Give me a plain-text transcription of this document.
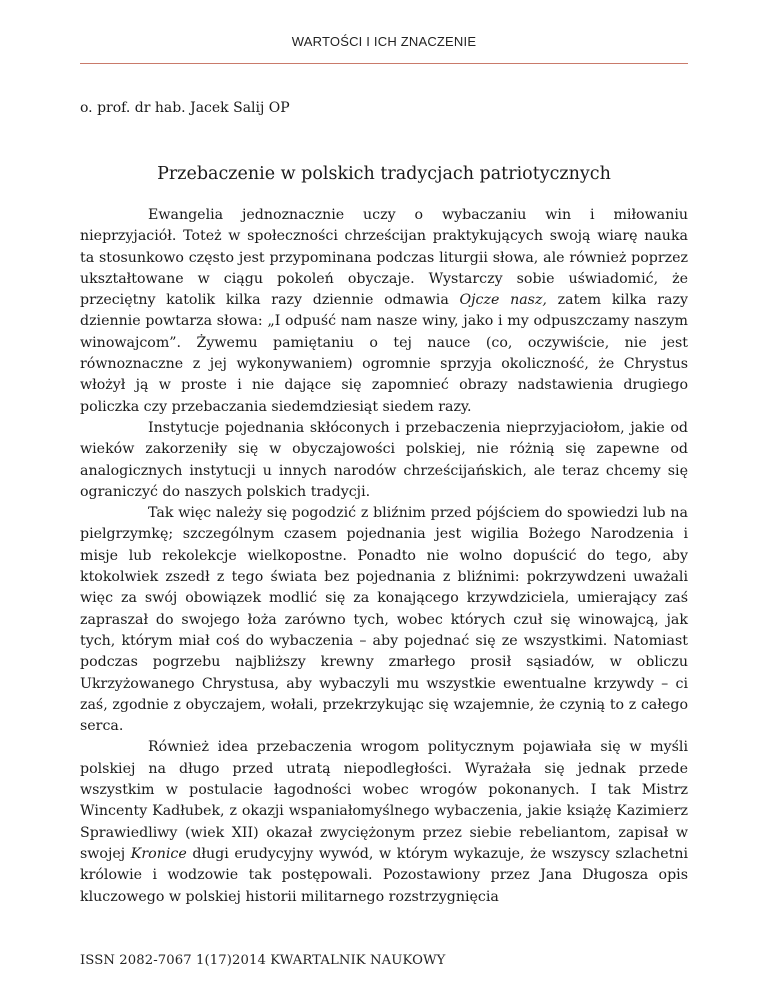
WARTOŚCI I ICH ZNACZENIE
o. prof. dr hab. Jacek Salij OP
Przebaczenie w polskich tradycjach patriotycznych

Ewangelia jednoznacznie uczy o wybaczaniu win i miłowaniu nieprzyjaciół. Toteż w społeczności chrześcijan praktykujących swoją wiarę nauka ta stosunkowo często jest przypominana podczas liturgii słowa, ale również poprzez ukształtowane w ciągu pokoleń obyczaje. Wystarczy sobie uświadomić, że przeciętny katolik kilka razy dziennie odmawia Ojcze nasz, zatem kilka razy dziennie powtarza słowa: „I odpuść nam nasze winy, jako i my odpuszczamy naszym winowajcom”. Żywemu pamiętaniu o tej nauce (co, oczywiście, nie jest równoznaczne z jej wykonywaniem) ogromnie sprzyja okoliczność, że Chrystus włożył ją w proste i nie dające się zapomnieć obrazy nadstawienia drugiego policzka czy przebaczania siedemdziesiąt siedem razy.

Instytucje pojednania skłóconych i przebaczenia nieprzyjaciołom, jakie od wieków zakorzeniły się w obyczajowości polskiej, nie różnią się zapewne od analogicznych instytucji u innych narodów chrześcijańskich, ale teraz chcemy się ograniczyć do naszych polskich tradycji.

Tak więc należy się pogodzić z bliźnim przed pójściem do spowiedzi lub na pielgrzymkę; szczególnym czasem pojednania jest wigilia Bożego Narodzenia i misje lub rekolekcje wielkopostne. Ponadto nie wolno dopuścić do tego, aby ktokolwiek zszedł z tego świata bez pojednania z bliźnimi: pokrzywdzeni uważali więc za swój obowiązek modlić się za konającego krzywdziciela, umierający zaś zapraszał do swojego łoża zarówno tych, wobec których czuł się winowajcą, jak tych, którym miał coś do wybaczenia – aby pojednać się ze wszystkimi. Natomiast podczas pogrzebu najbliższy krewny zmarłego prosił sąsiadów, w obliczu Ukrzyżowanego Chrystusa, aby wybaczyli mu wszystkie ewentualne krzywdy – ci zaś, zgodnie z obyczajem, wołali, przekrzykując się wzajemnie, że czynią to z całego serca.

Również idea przebaczenia wrogom politycznym pojawiała się w myśli polskiej na długo przed utratą niepodległości. Wyrażała się jednak przede wszystkim w postulacie łagodności wobec wrogów pokonanych. I tak Mistrz Wincenty Kadłubek, z okazji wspaniałomyślnego wybaczenia, jakie książę Kazimierz Sprawiedliwy (wiek XII) okazał zwyciężonym przez siebie rebeliantom, zapisał w swojej Kronice długi erudycyjny wywód, w którym wykazuje, że wszyscy szlachetni królowie i wodzowie tak postępowali. Pozostawiony przez Jana Długosza opis kluczowego w polskiej historii militarnego rozstrzygnięcia

ISSN 2082-7067 1(17)2014 KWARTALNIK NAUKOWY
